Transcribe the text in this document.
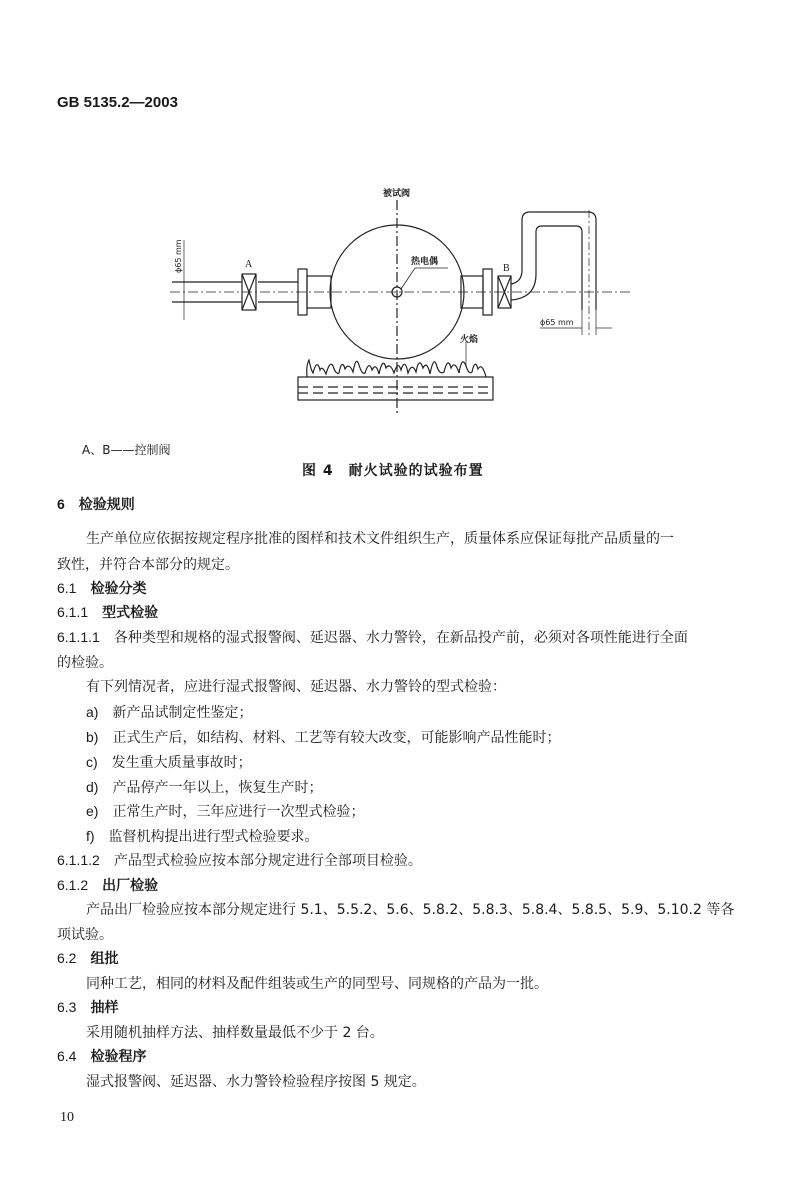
GB 5135.2—2003
被试阀
热电偶
火焰
A	B
ϕ65 mm
ϕ65 mm
A、B——控制阀
图 4　耐火试验的试验布置
6 检验规则
生产单位应依据按规定程序批准的图样和技术文件组织生产，质量体系应保证每批产品质量的一
致性，并符合本部分的规定。
6.1 检验分类
6.1.1 型式检验
6.1.1.1 各种类型和规格的湿式报警阀、延迟器、水力警铃，在新品投产前，必须对各项性能进行全面
的检验。
有下列情况者，应进行湿式报警阀、延迟器、水力警铃的型式检验：
a) 新产品试制定性鉴定；
b) 正式生产后，如结构、材料、工艺等有较大改变，可能影响产品性能时；
c) 发生重大质量事故时；
d) 产品停产一年以上，恢复生产时；
e) 正常生产时，三年应进行一次型式检验；
f) 监督机构提出进行型式检验要求。
6.1.1.2 产品型式检验应按本部分规定进行全部项目检验。
6.1.2 出厂检验
产品出厂检验应按本部分规定进行 5.1、5.5.2、5.6、5.8.2、5.8.3、5.8.4、5.8.5、5.9、5.10.2 等各
项试验。
6.2 组批
同种工艺，相同的材料及配件组装或生产的同型号、同规格的产品为一批。
6.3 抽样
采用随机抽样方法、抽样数量最低不少于 2 台。
6.4 检验程序
湿式报警阀、延迟器、水力警铃检验程序按图 5 规定。
10
